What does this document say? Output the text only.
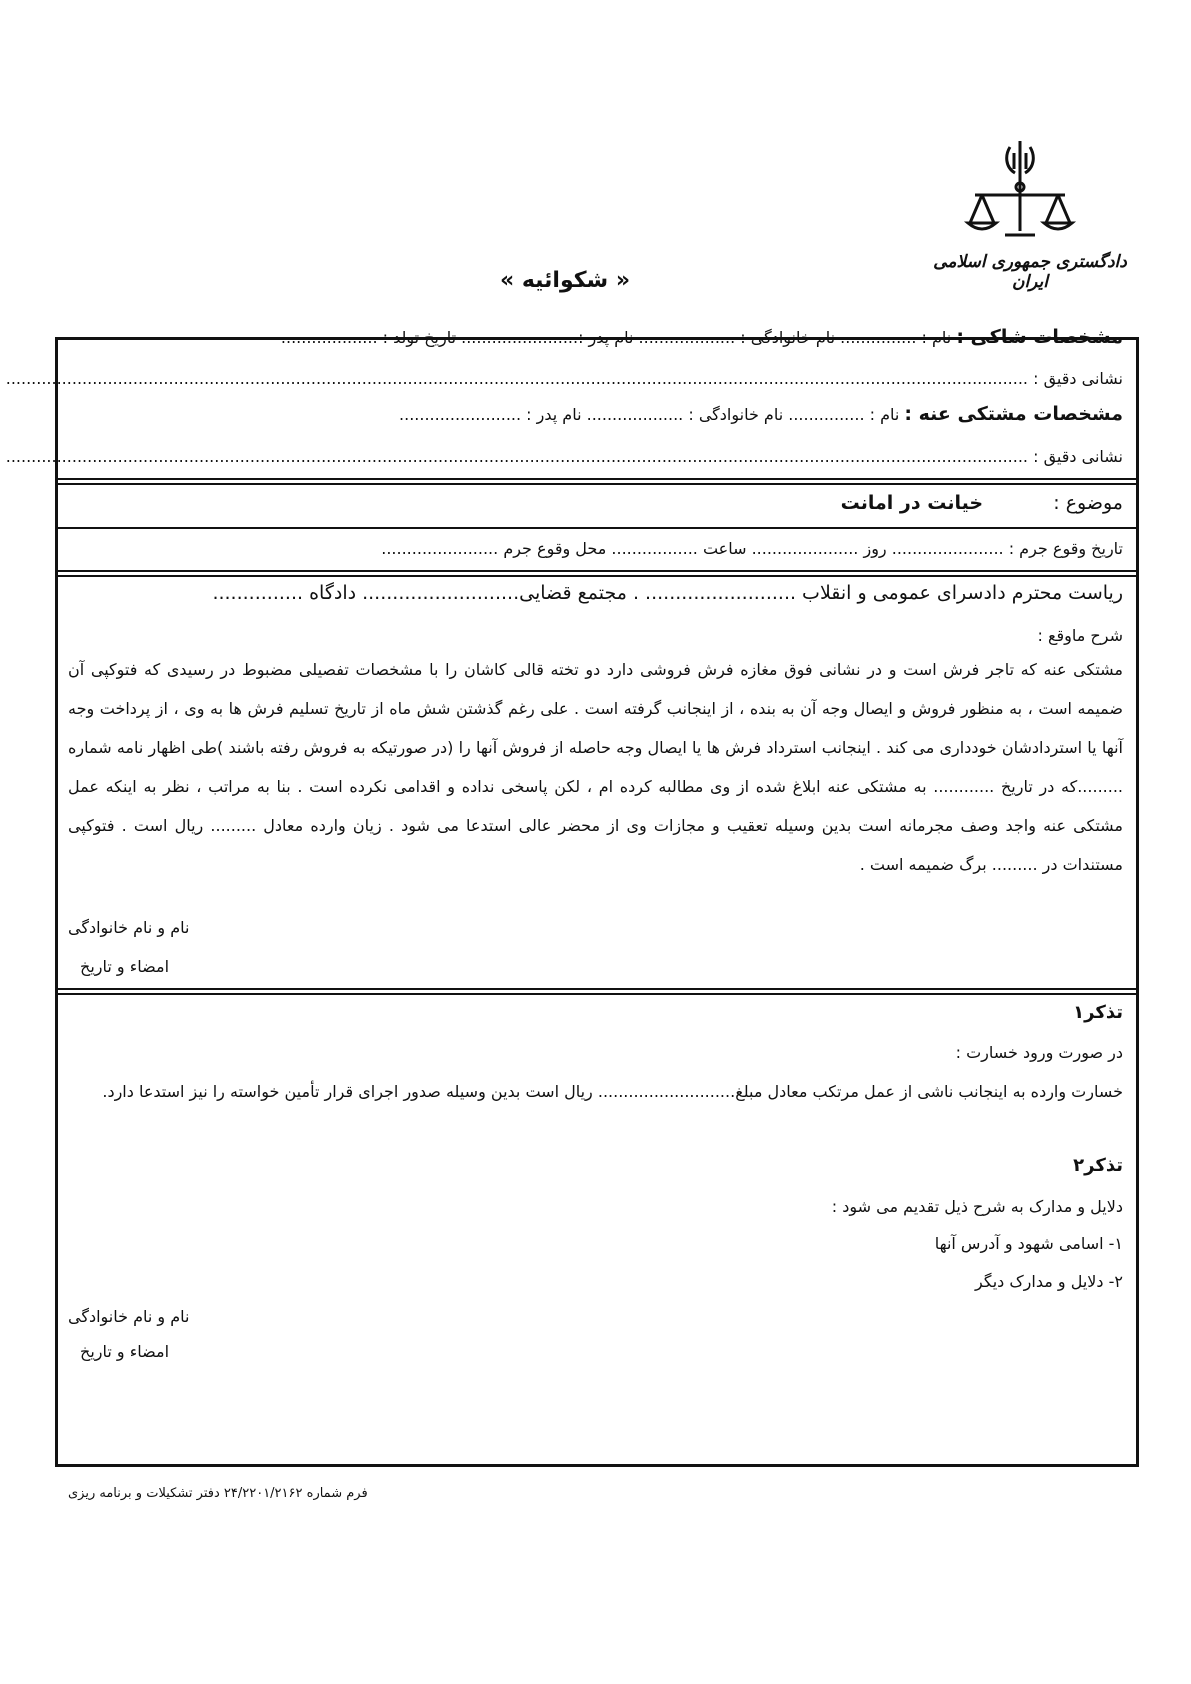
دادگستری جمهوری اسلامی ایران
« شکوائیه »
مشخصات شاکی : نام : ............... نام خانوادگی : ................... نام پدر :....................... تاریخ تولد : ...................
نشانی دقیق : .........................................................................................................................................................................................................
مشخصات مشتکی عنه : نام : ............... نام خانوادگی : ................... نام پدر : ........................
نشانی دقیق : .........................................................................................................................................................................................................
موضوع :  خیانت در امانت
تاریخ وقوع جرم : ...................... روز ..................... ساعت ................. محل وقوع جرم .......................
ریاست محترم دادسرای عمومی و انقلاب ......................... . مجتمع قضایی.......................... دادگاه ...............
شرح ماوقع :
مشتکی عنه که تاجر فرش است و در نشانی فوق مغازه فرش فروشی دارد دو تخته قالی کاشان را با مشخصات تفصیلی مضبوط در رسیدی که فتوکپی آن ضمیمه است ، به منظور فروش و ایصال وجه آن به بنده ، از اینجانب گرفته است . علی رغم گذشتن شش ماه از تاریخ تسلیم فرش ها به وی ، از پرداخت وجه آنها یا استردادشان خودداری می کند . اینجانب استرداد فرش ها یا ایصال وجه حاصله از فروش آنها را (در صورتیکه به فروش رفته باشند )طی اظهار نامه شماره .........که در تاریخ ............ به مشتکی عنه ابلاغ شده از وی مطالبه کرده ام ، لکن پاسخی نداده و اقدامی نکرده است . بنا به مراتب ، نظر به اینکه عمل مشتکی عنه واجد وصف مجرمانه است بدین وسیله تعقیب و مجازات وی از محضر عالی استدعا می شود . زیان وارده معادل ......... ریال است . فتوکپی مستندات در ......... برگ ضمیمه است .
نام و نام خانوادگی
امضاء و تاریخ
تذکر۱
در صورت ورود خسارت :
خسارت وارده به اینجانب ناشی از عمل مرتکب معادل مبلغ........................... ریال است بدین وسیله صدور اجرای قرار تأمین خواسته را نیز استدعا دارد.
تذکر۲
دلایل و مدارک به شرح ذیل تقدیم می شود :
۱- اسامی شهود و آدرس آنها
۲- دلایل و مدارک دیگر
نام و نام خانوادگی
امضاء و تاریخ
فرم شماره ۲۴/۲۲۰۱/۲۱۶۲ دفتر تشکیلات و برنامه ریزی
